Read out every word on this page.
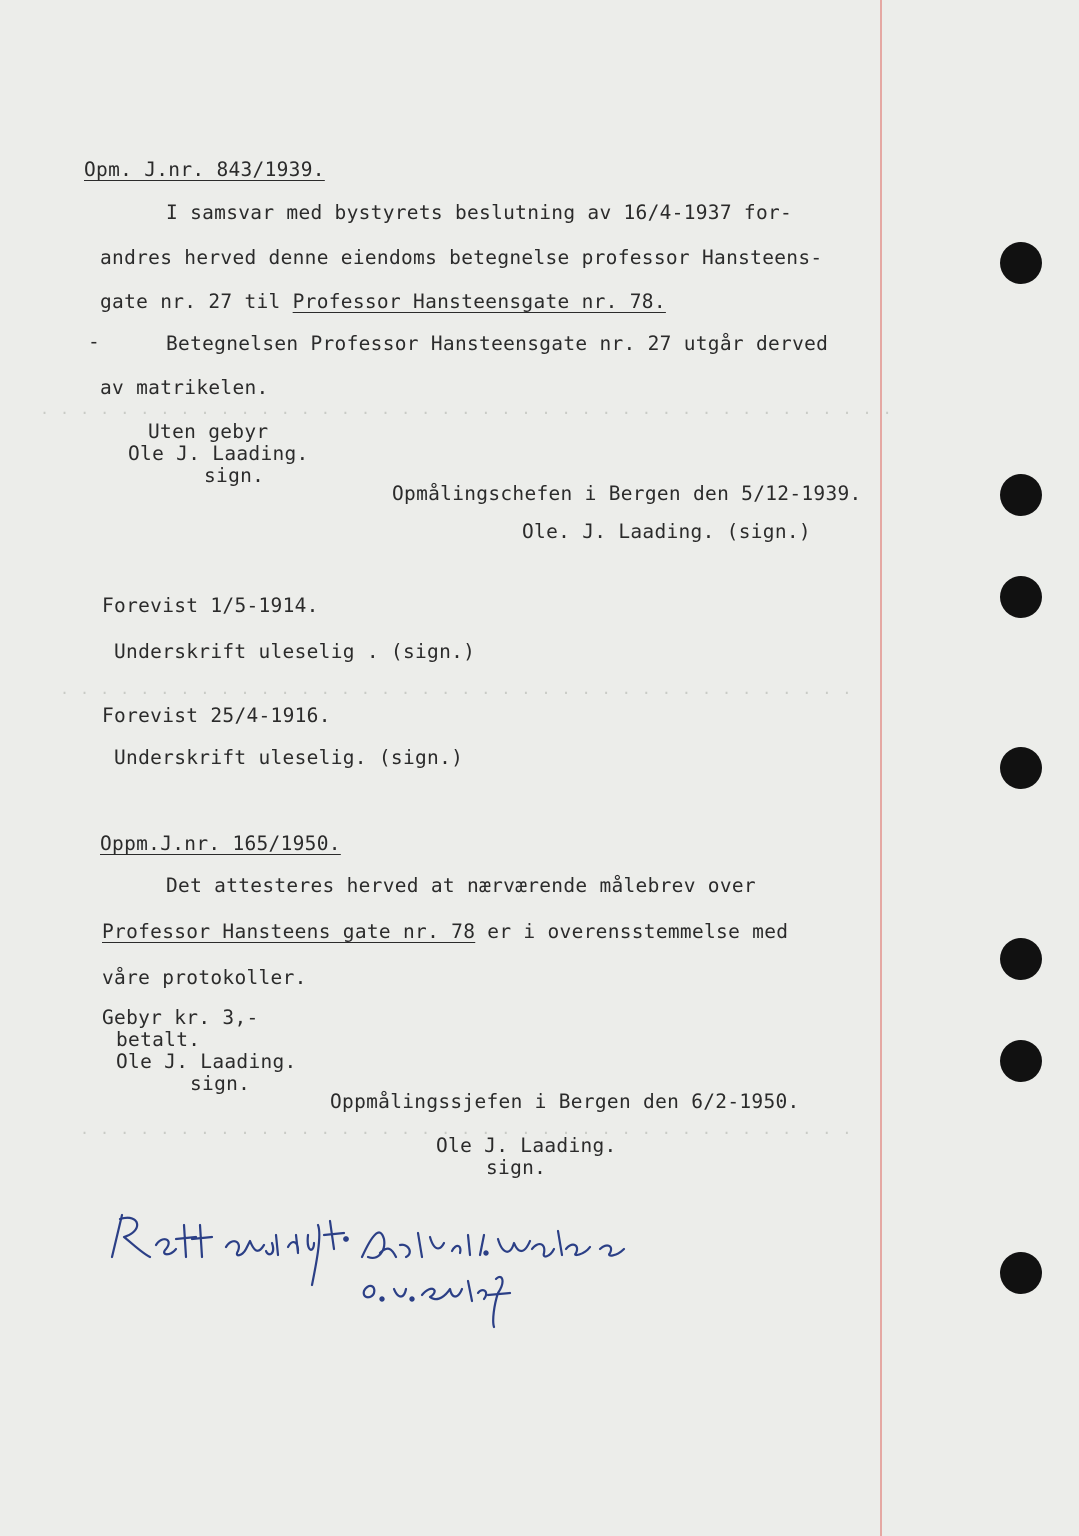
. . . . . . . . . . . . . . . . . . . . . . . . . . . . . . . . . . . . . . . . . . .
. . . . . . . . . . . . . . . . . . . . . . . . . . . . . . . . . . . . . . . .
. . . . . . . . . . . . . . . . . . . . . . . . . . . . . . . . . . . . . . .
Opm. J.nr. 843/1939.
I samsvar med bystyrets beslutning av 16/4-1937 for-
andres herved denne eiendoms betegnelse professor Hansteens-
gate nr. 27 til Professor Hansteensgate nr. 78.
-	Betegnelsen Professor Hansteensgate nr. 27 utgår derved
av matrikelen.
Uten gebyr
Ole J. Laading.
sign.
Opmålingschefen i Bergen den 5/12-1939.
Ole. J. Laading. (sign.)
Forevist 1/5-1914.
Underskrift uleselig . (sign.)
Forevist 25/4-1916.
Underskrift uleselig. (sign.)
Oppm.J.nr. 165/1950.
Det attesteres herved at nærværende målebrev over
Professor Hansteens gate nr. 78 er i overensstemmelse med
våre protokoller.
Gebyr kr. 3,-
betalt.
Ole J. Laading.
sign.
Oppmålingssjefen i Bergen den 6/2-1950.
Ole J. Laading.
sign.
